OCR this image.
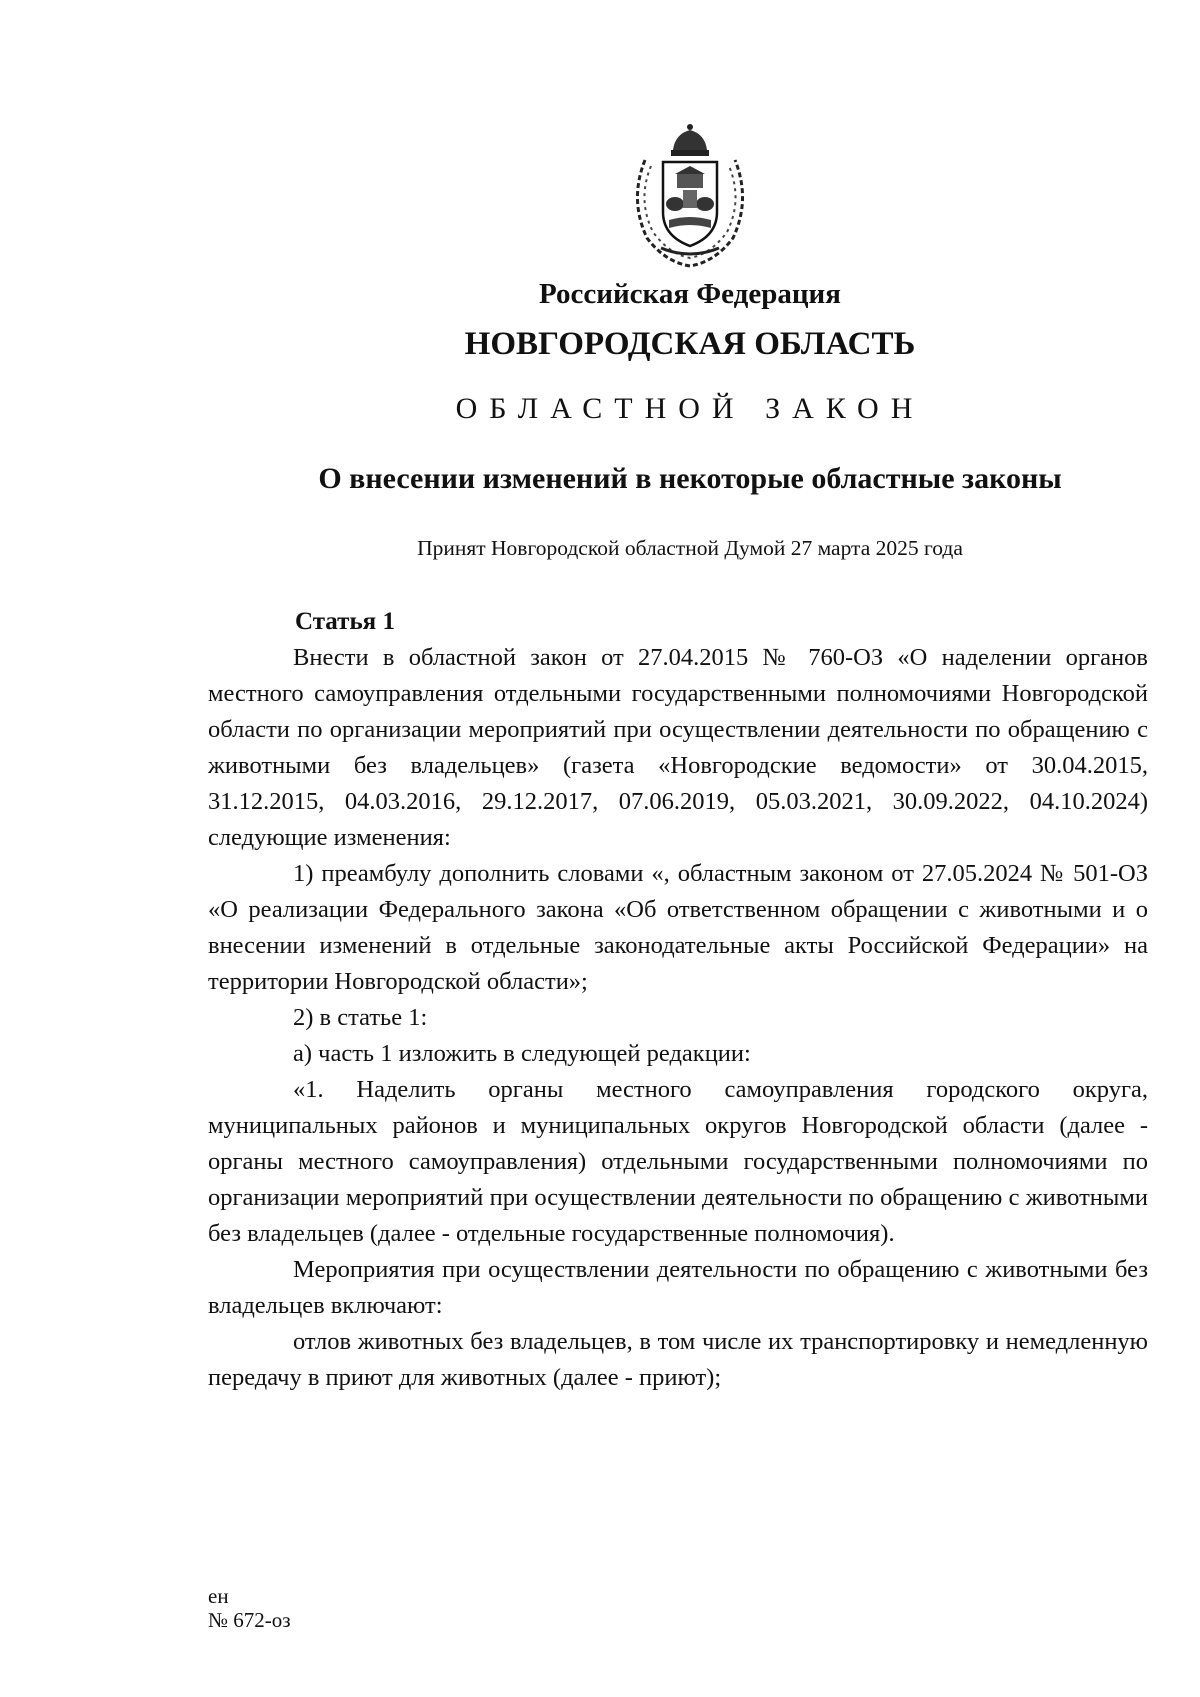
Российская Федерация
НОВГОРОДСКАЯ ОБЛАСТЬ
ОБЛАСТНОЙ ЗАКОН
О внесении изменений в некоторые областные законы

Принят Новгородской областной Думой 27 марта 2025 года

Статья 1

Внести в областной закон от 27.04.2015 № 760-ОЗ «О наделении органов местного самоуправления отдельными государственными полномочиями Новгородской области по организации мероприятий при осуществлении деятельности по обращению с животными без владельцев» (газета «Новгородские ведомости» от 30.04.2015, 31.12.2015, 04.03.2016, 29.12.2017, 07.06.2019, 05.03.2021, 30.09.2022, 04.10.2024) следующие изменения:

1) преамбулу дополнить словами «, областным законом от 27.05.2024 № 501-ОЗ «О реализации Федерального закона «Об ответственном обращении с животными и о внесении изменений в отдельные законодательные акты Российской Федерации» на территории Новгородской области»;

2) в статье 1:

а) часть 1 изложить в следующей редакции:

«1. Наделить органы местного самоуправления городского округа, муниципальных районов и муниципальных округов Новгородской области (далее - органы местного самоуправления) отдельными государственными полномочиями по организации мероприятий при осуществлении деятельности по обращению с животными без владельцев (далее - отдельные государственные полномочия).

Мероприятия при осуществлении деятельности по обращению с животными без владельцев включают:

отлов животных без владельцев, в том числе их транспортировку и немедленную передачу в приют для животных (далее - приют);

ен
№ 672-оз
